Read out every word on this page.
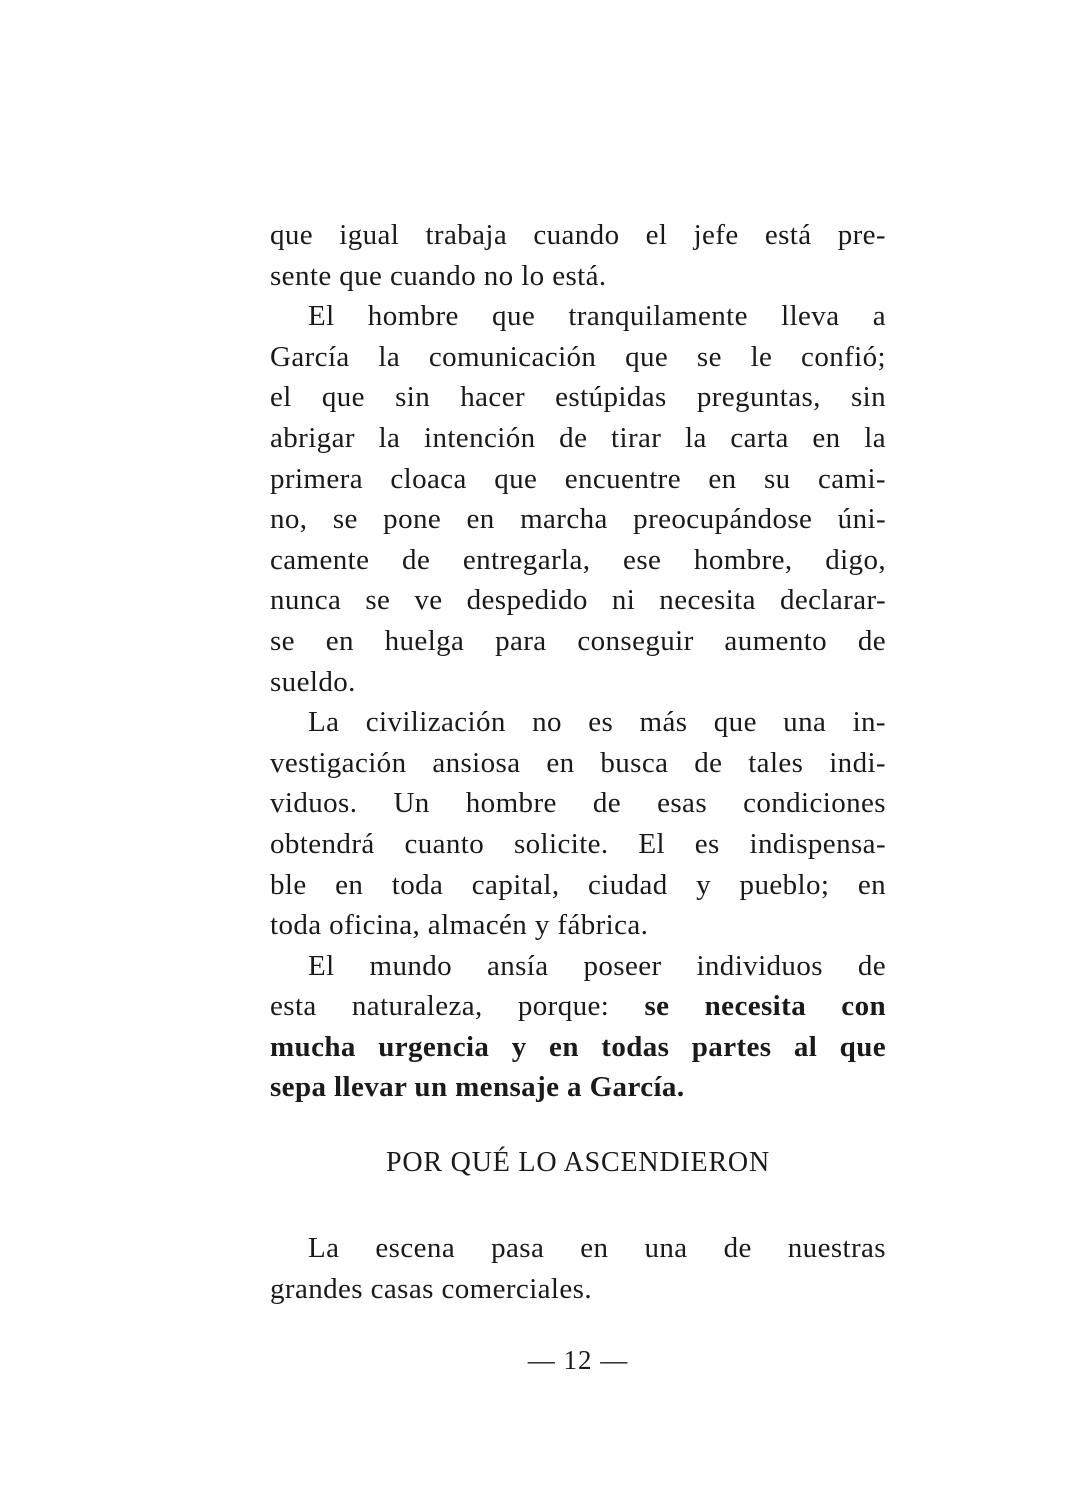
que igual trabaja cuando el jefe está pre-
sente que cuando no lo está.
El hombre que tranquilamente lleva a
García la comunicación que se le confió;
el que sin hacer estúpidas preguntas, sin
abrigar la intención de tirar la carta en la
primera cloaca que encuentre en su cami-
no, se pone en marcha preocupándose úni-
camente de entregarla, ese hombre, digo,
nunca se ve despedido ni necesita declarar-
se en huelga para conseguir aumento de
sueldo.
La civilización no es más que una in-
vestigación ansiosa en busca de tales indi-
viduos. Un hombre de esas condiciones
obtendrá cuanto solicite. El es indispensa-
ble en toda capital, ciudad y pueblo; en
toda oficina, almacén y fábrica.
El mundo ansía poseer individuos de
esta naturaleza, porque: se necesita con
mucha urgencia y en todas partes al que
sepa llevar un mensaje a García.
POR QUÉ LO ASCENDIERON
La escena pasa en una de nuestras
grandes casas comerciales.
— 12 —
